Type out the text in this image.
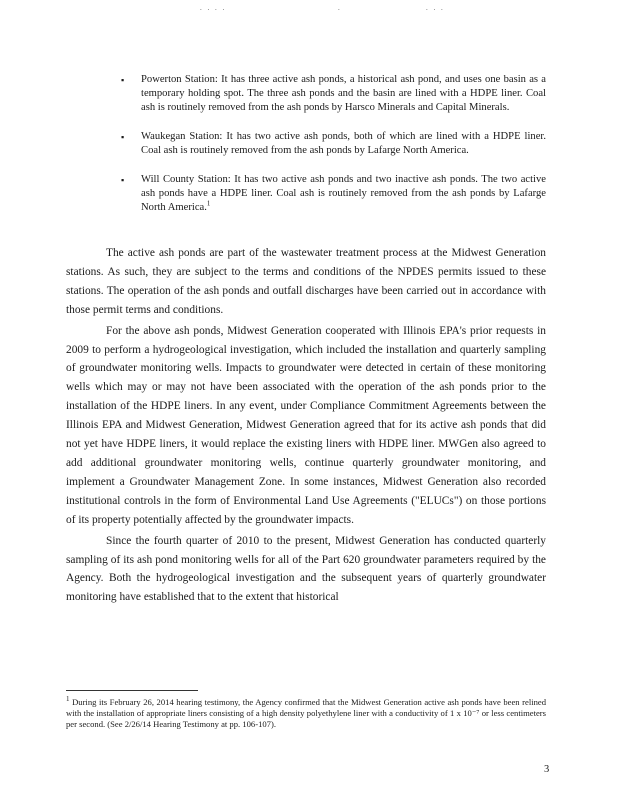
. . . .	.	. . .
▪ Powerton Station: It has three active ash ponds, a historical ash pond, and uses one basin as a temporary holding spot. The three ash ponds and the basin are lined with a HDPE liner. Coal ash is routinely removed from the ash ponds by Harsco Minerals and Capital Minerals.
▪ Waukegan Station: It has two active ash ponds, both of which are lined with a HDPE liner. Coal ash is routinely removed from the ash ponds by Lafarge North America.
▪ Will County Station: It has two active ash ponds and two inactive ash ponds. The two active ash ponds have a HDPE liner. Coal ash is routinely removed from the ash ponds by Lafarge North America.$^1$

The active ash ponds are part of the wastewater treatment process at the Midwest Generation stations. As such, they are subject to the terms and conditions of the NPDES permits issued to these stations. The operation of the ash ponds and outfall discharges have been carried out in accordance with those permit terms and conditions.

For the above ash ponds, Midwest Generation cooperated with Illinois EPA's prior requests in 2009 to perform a hydrogeological investigation, which included the installation and quarterly sampling of groundwater monitoring wells. Impacts to groundwater were detected in certain of these monitoring wells which may or may not have been associated with the operation of the ash ponds prior to the installation of the HDPE liners. In any event, under Compliance Commitment Agreements between the Illinois EPA and Midwest Generation, Midwest Generation agreed that for its active ash ponds that did not yet have HDPE liners, it would replace the existing liners with HDPE liner. MWGen also agreed to add additional groundwater monitoring wells, continue quarterly groundwater monitoring, and implement a Groundwater Management Zone. In some instances, Midwest Generation also recorded institutional controls in the form of Environmental Land Use Agreements ("ELUCs") on those portions of its property potentially affected by the groundwater impacts.

Since the fourth quarter of 2010 to the present, Midwest Generation has conducted quarterly sampling of its ash pond monitoring wells for all of the Part 620 groundwater parameters required by the Agency. Both the hydrogeological investigation and the subsequent years of quarterly groundwater monitoring have established that to the extent that historical

$^1$ During its February 26, 2014 hearing testimony, the Agency confirmed that the Midwest Generation active ash ponds have been relined with the installation of appropriate liners consisting of a high density polyethylene liner with a conductivity of 1 x 10⁻⁷ or less centimeters per second. (See 2/26/14 Hearing Testimony at pp. 106-107).
3
